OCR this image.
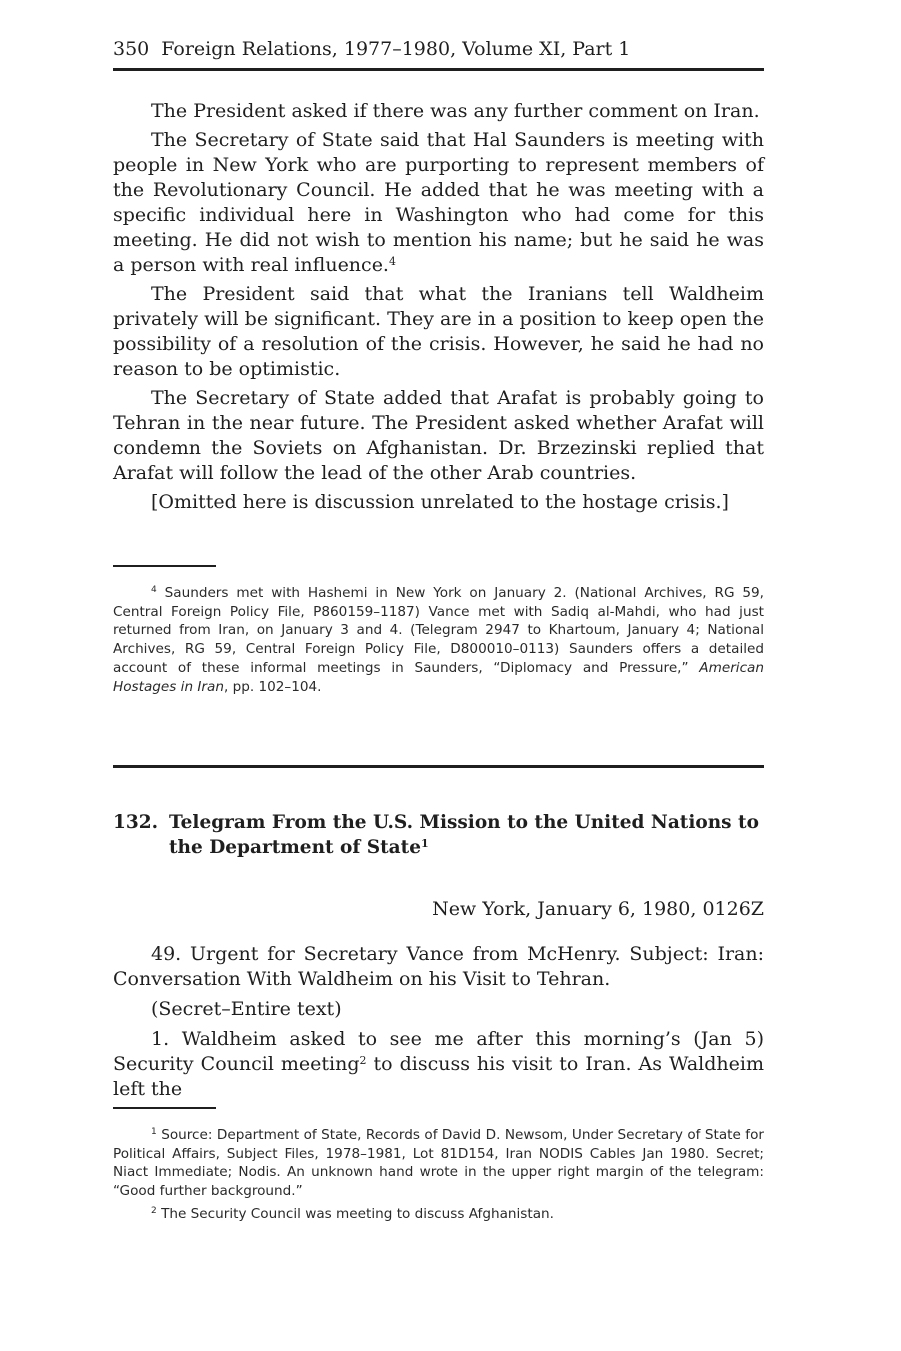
350 Foreign Relations, 1977–1980, Volume XI, Part 1

The President asked if there was any further comment on Iran.

The Secretary of State said that Hal Saunders is meeting with people in New York who are purporting to represent members of the Revolutionary Council. He added that he was meeting with a specific individual here in Washington who had come for this meeting. He did not wish to mention his name; but he said he was a person with real influence.$^4$

The President said that what the Iranians tell Waldheim privately will be significant. They are in a position to keep open the possibility of a resolution of the crisis. However, he said he had no reason to be optimistic.

The Secretary of State added that Arafat is probably going to Tehran in the near future. The President asked whether Arafat will condemn the Soviets on Afghanistan. Dr. Brzezinski replied that Arafat will follow the lead of the other Arab countries.

[Omitted here is discussion unrelated to the hostage crisis.]

$^4$ Saunders met with Hashemi in New York on January 2. (National Archives, RG 59, Central Foreign Policy File, P860159–1187) Vance met with Sadiq al-Mahdi, who had just returned from Iran, on January 3 and 4. (Telegram 2947 to Khartoum, January 4; National Archives, RG 59, Central Foreign Policy File, D800010–0113) Saunders offers a detailed account of these informal meetings in Saunders, “Diplomacy and Pressure,” American Hostages in Iran, pp. 102–104.

132. Telegram From the U.S. Mission to the United Nations to the Department of State$^1$
New York, January 6, 1980, 0126Z

49. Urgent for Secretary Vance from McHenry. Subject: Iran: Conversation With Waldheim on his Visit to Tehran.

(Secret–Entire text)

1. Waldheim asked to see me after this morning’s (Jan 5) Security Council meeting$^2$ to discuss his visit to Iran. As Waldheim left the

$^1$ Source: Department of State, Records of David D. Newsom, Under Secretary of State for Political Affairs, Subject Files, 1978–1981, Lot 81D154, Iran NODIS Cables Jan 1980. Secret; Niact Immediate; Nodis. An unknown hand wrote in the upper right margin of the telegram: “Good further background.”

$^2$ The Security Council was meeting to discuss Afghanistan.
